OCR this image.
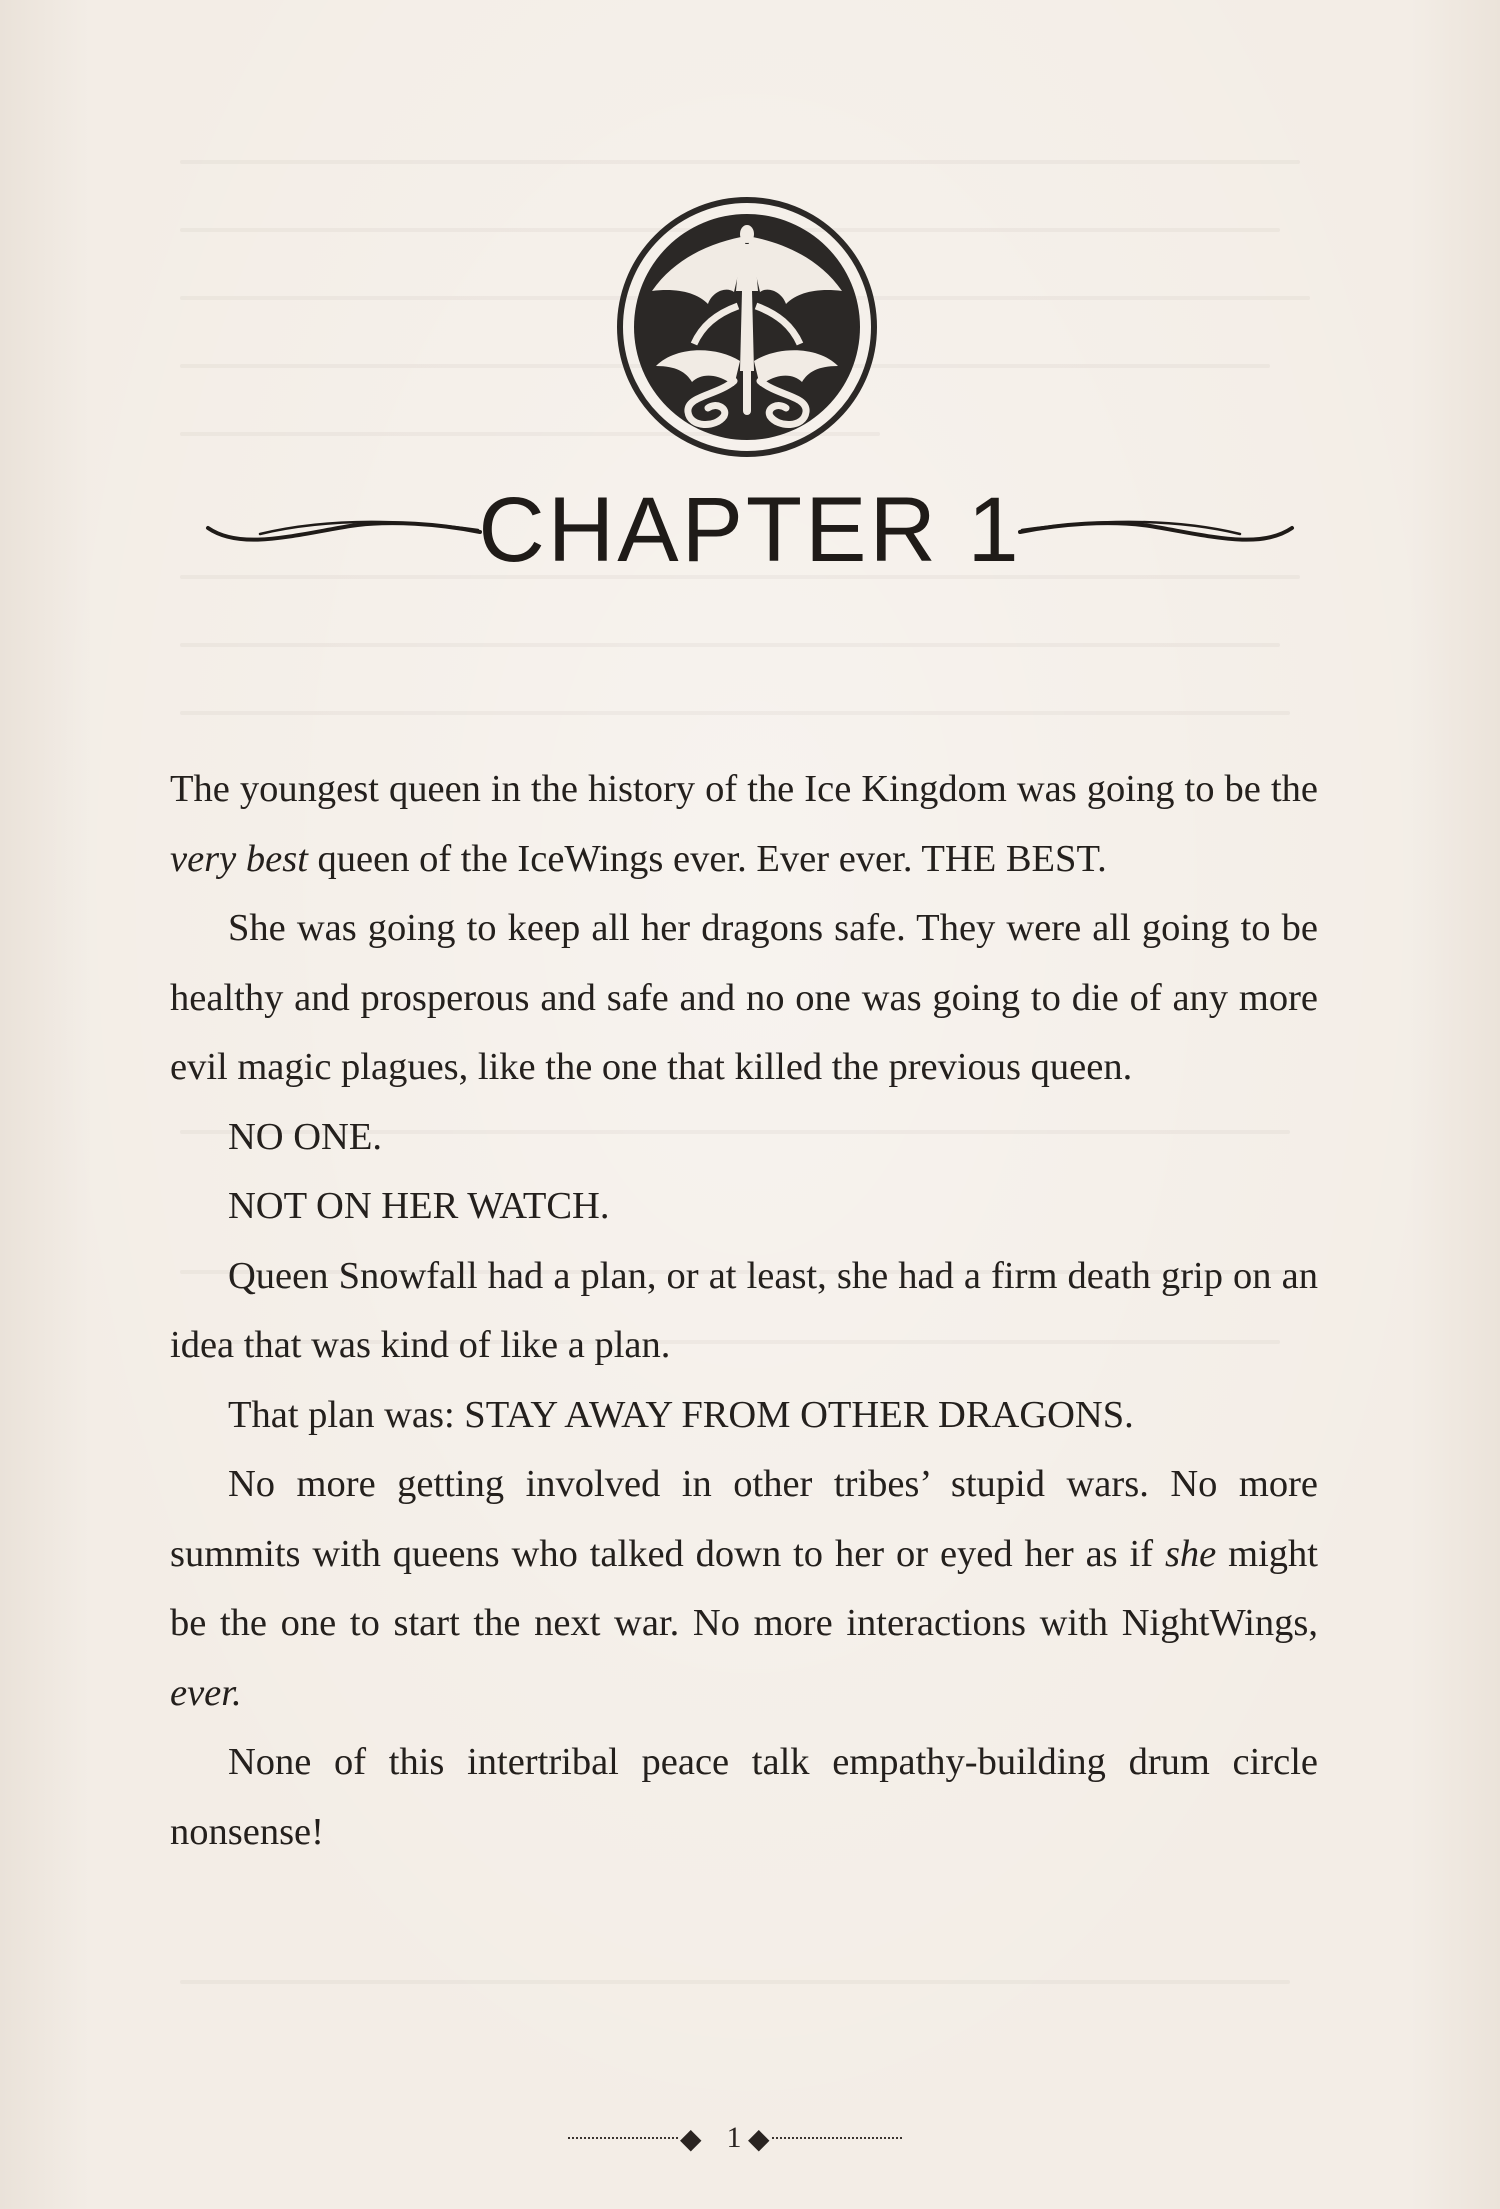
CHAPTER 1

The youngest queen in the history of the Ice Kingdom was going to be the very best queen of the IceWings ever. Ever ever. THE BEST.

She was going to keep all her dragons safe. They were all going to be healthy and prosperous and safe and no one was going to die of any more evil magic plagues, like the one that killed the previous queen.

NO ONE.

NOT ON HER WATCH.

Queen Snowfall had a plan, or at least, she had a firm death grip on an idea that was kind of like a plan.

That plan was: STAY AWAY FROM OTHER DRAGONS.

No more getting involved in other tribes’ stupid wars. No more summits with queens who talked down to her or eyed her as if she might be the one to start the next war. No more interactions with NightWings, ever.

None of this intertribal peace talk empathy-building drum circle nonsense!

◆ 1 ◆
